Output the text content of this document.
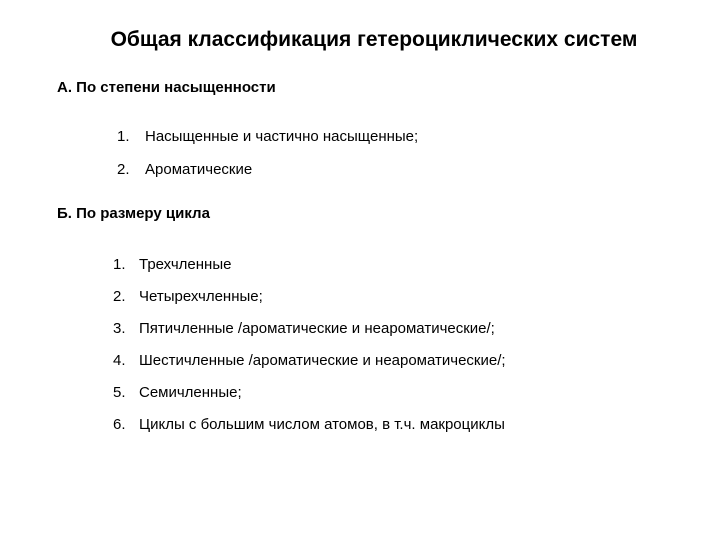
Общая классификация гетероциклических систем
А. По степени насыщенности
1. Насыщенные и частично насыщенные;
2. Ароматические
Б. По размеру цикла
1. Трехчленные
2. Четырехчленные;
3. Пятичленные /ароматические и неароматические/;
4. Шестичленные /ароматические и неароматические/;
5. Семичленные;
6. Циклы с большим числом атомов, в т.ч. макроциклы
